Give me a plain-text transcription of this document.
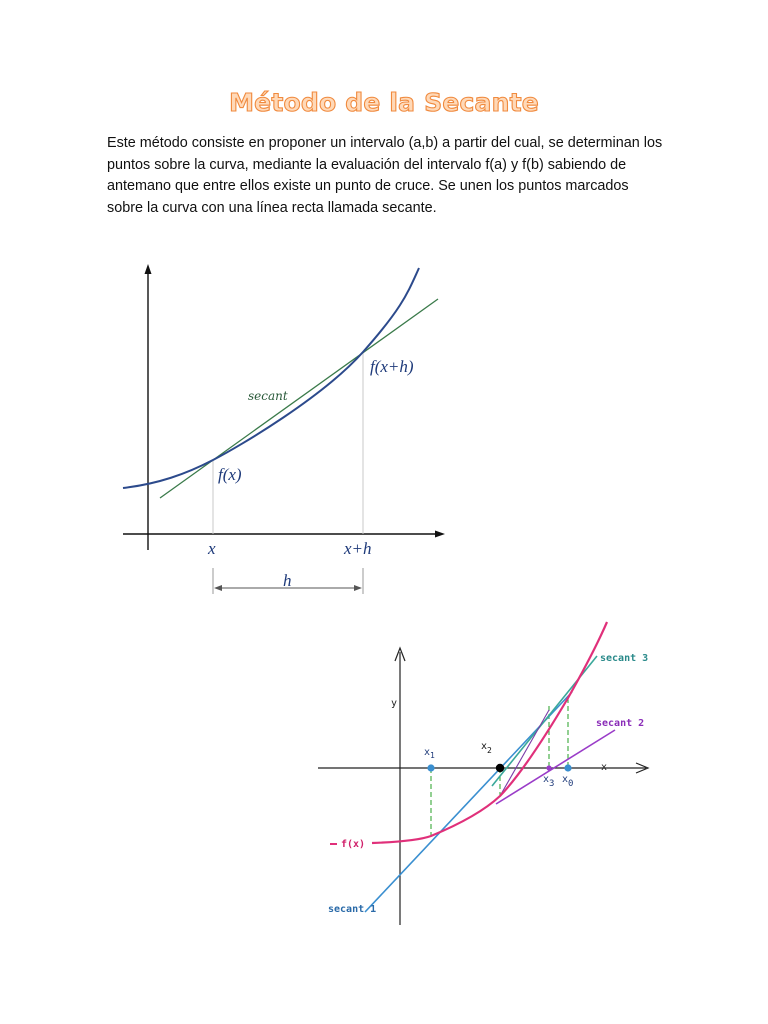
Método de la Secante
Este método consiste en proponer un intervalo (a,b) a partir del cual, se determinan los puntos sobre la curva, mediante la evaluación del intervalo f(a) y f(b) sabiendo de antemano que entre ellos existe un punto de cruce. Se unen los puntos marcados sobre la curva con una línea recta llamada secante.
secant
f(x)
f(x+h)
x	x+h
h
y
x
$x_1$
$x_2$
x3 x0
f(x)
secant 1
secant 2
secant 3
